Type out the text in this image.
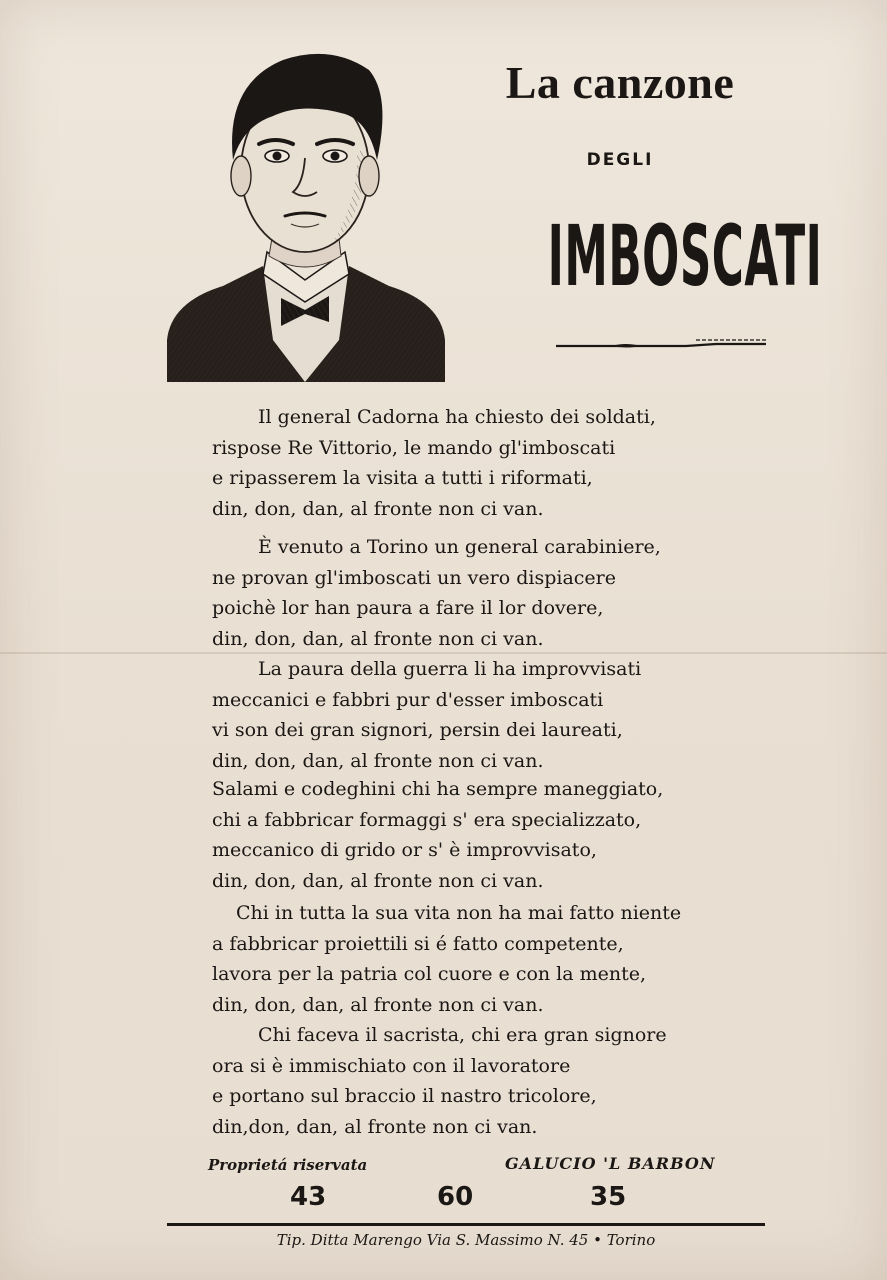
La canzone
DEGLI
IMBOSCATI
Il general Cadorna ha chiesto dei soldati,
rispose Re Vittorio, le mando gl'imboscati
e ripasserem la visita a tutti i riformati,
din, don, dan, al fronte non ci van.
È venuto a Torino un general carabiniere,
ne provan gl'imboscati un vero dispiacere
poichè lor han paura a fare il lor dovere,
din, don, dan, al fronte non ci van.
La paura della guerra li ha improvvisati
meccanici e fabbri pur d'esser imboscati
vi son dei gran signori, persin dei laureati,
din, don, dan, al fronte non ci van.
Salami e codeghini chi ha sempre maneggiato,
chi a fabbricar formaggi s' era specializzato,
meccanico di grido or s' è improvvisato,
din, don, dan, al fronte non ci van.
Chi in tutta la sua vita non ha mai fatto niente
a fabbricar proiettili si é fatto competente,
lavora per la patria col cuore e con la mente,
din, don, dan, al fronte non ci van.
Chi faceva il sacrista, chi era gran signore
ora si è immischiato con il lavoratore
e portano sul braccio il nastro tricolore,
din,don, dan, al fronte non ci van.
Proprietá riservata	GALUCIO 'L BARBON
43	60	35
Tip. Ditta Marengo Via S. Massimo N. 45 • Torino
